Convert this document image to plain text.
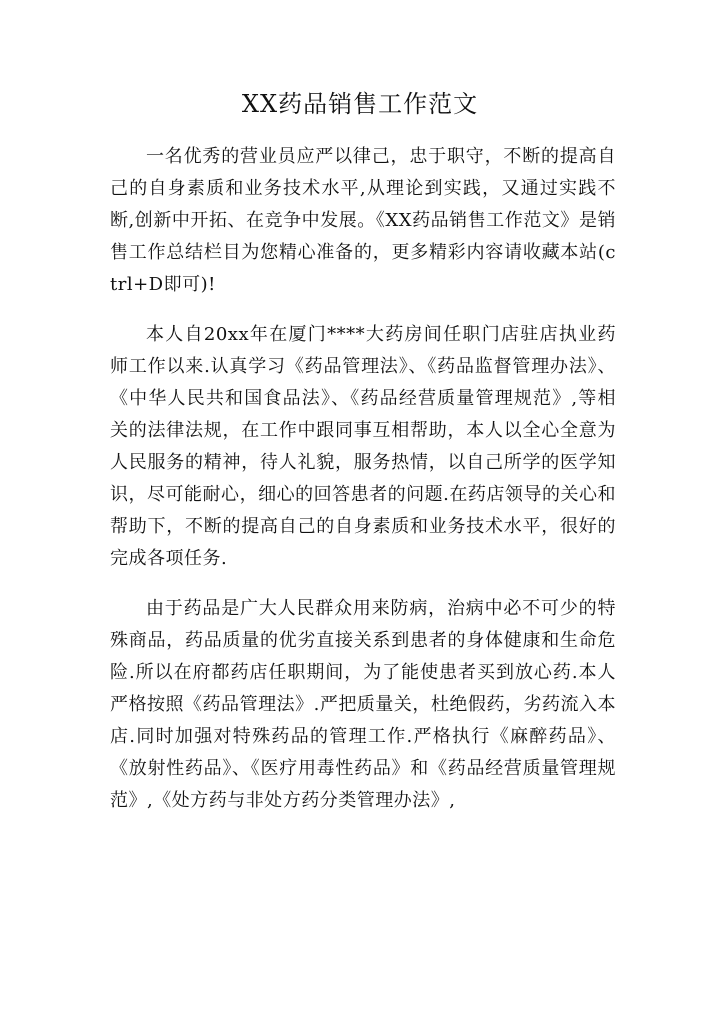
XX药品销售工作范文

一名优秀的营业员应严以律己，忠于职守，不断的提高自己的自身素质和业务技术水平,从理论到实践，又通过实践不断,创新中开拓、在竞争中发展。《XX药品销售工作范文》是销售工作总结栏目为您精心准备的，更多精彩内容请收藏本站(ctrl+D即可)!

本人自20xx年在厦门****大药房间任职门店驻店执业药师工作以来.认真学习《药品管理法》、《药品监督管理办法》、《中华人民共和国食品法》、《药品经营质量管理规范》,等相关的法律法规，在工作中跟同事互相帮助，本人以全心全意为人民服务的精神，待人礼貌，服务热情，以自己所学的医学知识，尽可能耐心，细心的回答患者的问题.在药店领导的关心和帮助下，不断的提高自己的自身素质和业务技术水平，很好的完成各项任务.

由于药品是广大人民群众用来防病，治病中必不可少的特殊商品，药品质量的优劣直接关系到患者的身体健康和生命危险.所以在府都药店任职期间，为了能使患者买到放心药.本人严格按照《药品管理法》.严把质量关，杜绝假药，劣药流入本店.同时加强对特殊药品的管理工作.严格执行《麻醉药品》、《放射性药品》、《医疗用毒性药品》和《药品经营质量管理规范》,《处方药与非处方药分类管理办法》,
